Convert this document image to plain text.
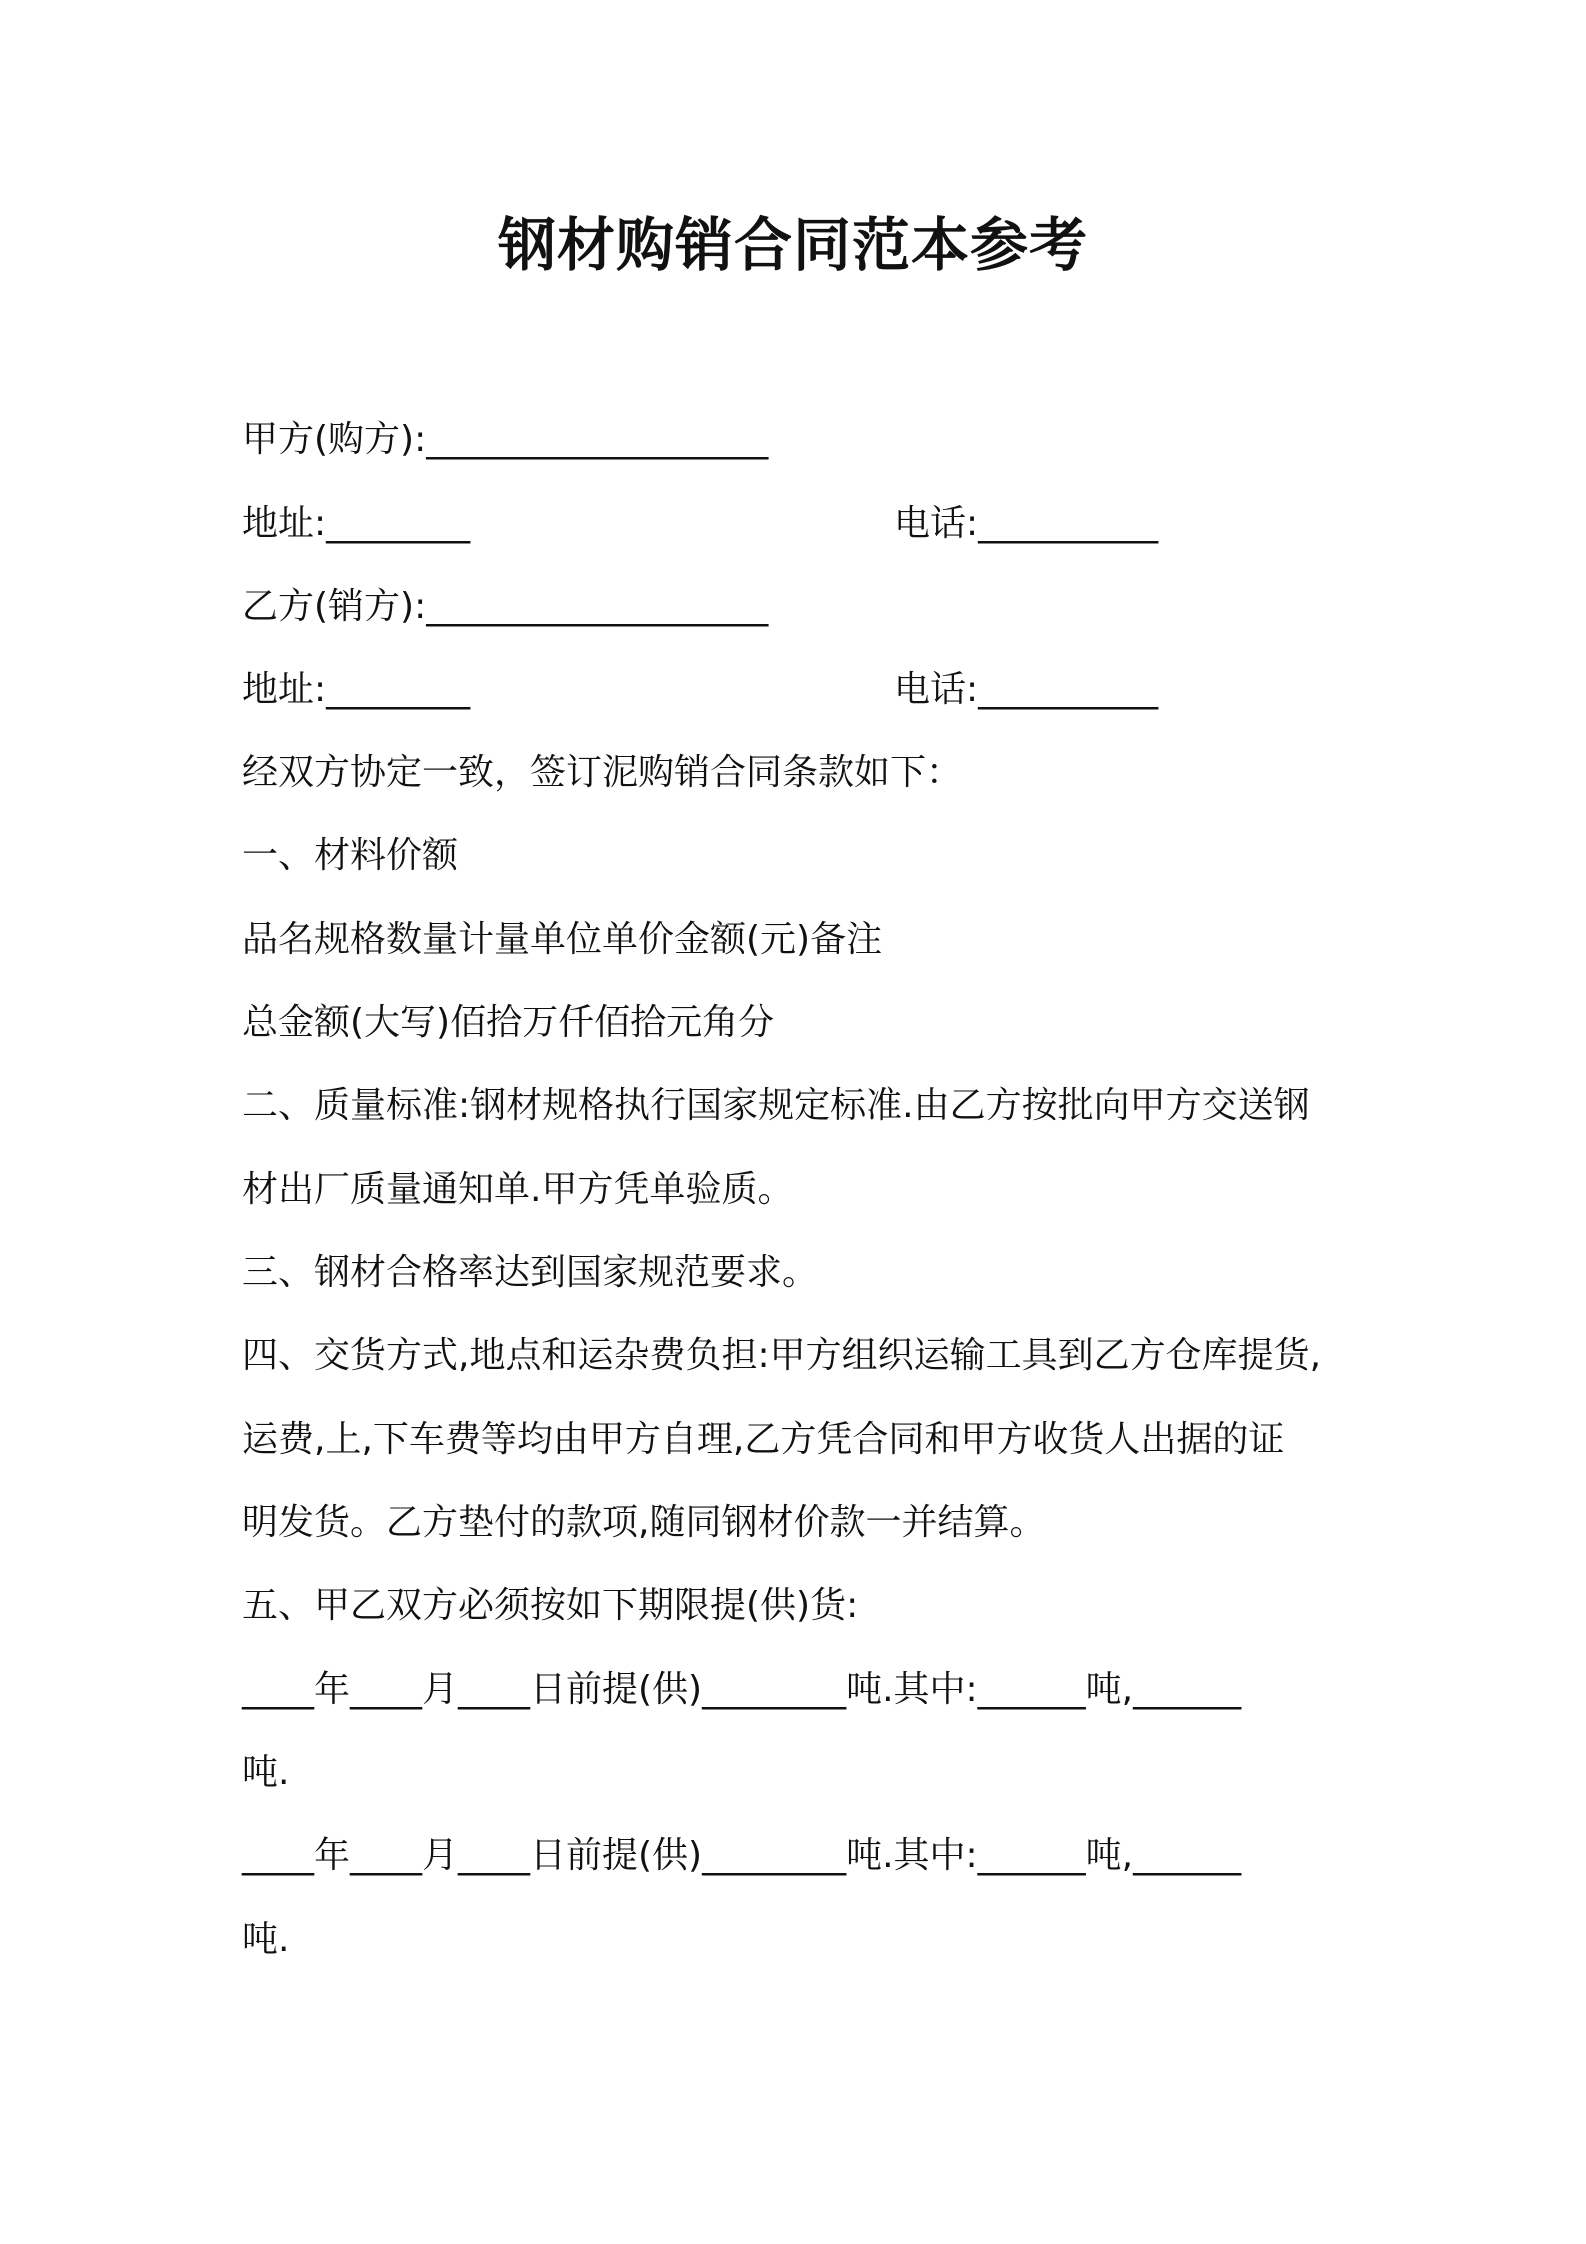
钢材购销合同范本参考
甲方(购方):___________________
地址:________	电话:__________
乙方(销方):___________________
地址:________	电话:__________
经双方协定一致，签订泥购销合同条款如下：
一、材料价额
品名规格数量计量单位单价金额(元)备注
总金额(大写)佰拾万仟佰拾元角分
二、质量标准:钢材规格执行国家规定标准.由乙方按批向甲方交送钢
材出厂质量通知单.甲方凭单验质。
三、钢材合格率达到国家规范要求。
四、交货方式,地点和运杂费负担:甲方组织运输工具到乙方仓库提货,
运费,上,下车费等均由甲方自理,乙方凭合同和甲方收货人出据的证
明发货。乙方垫付的款项,随同钢材价款一并结算。
五、甲乙双方必须按如下期限提(供)货:
____年____月____日前提(供)________吨.其中:______吨,______
吨.
____年____月____日前提(供)________吨.其中:______吨,______
吨.
